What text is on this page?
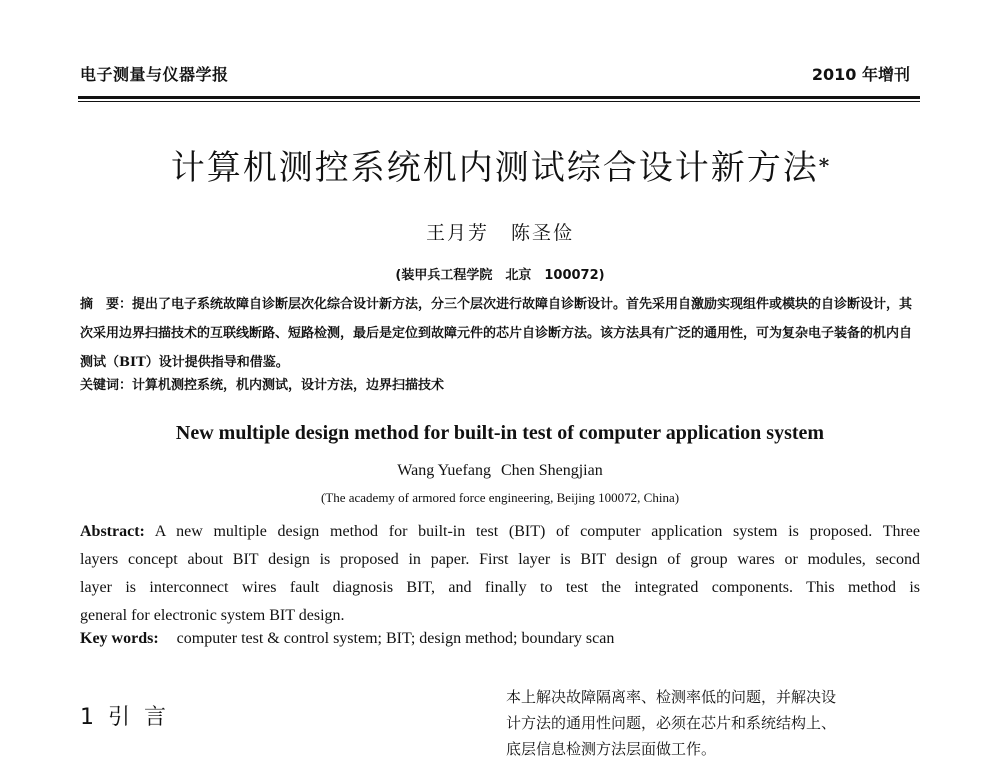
电子测量与仪器学报	2010 年增刊
计算机测控系统机内测试综合设计新方法*
王月芳 陈圣俭
(装甲兵工程学院　北京　100072)
摘　要：提出了电子系统故障自诊断层次化综合设计新方法，分三个层次进行故障自诊断设计。首先采用自激励实现组件或模块的自诊断设计，其次采用边界扫描技术的互联线断路、短路检测，最后是定位到故障元件的芯片自诊断方法。该方法具有广泛的通用性，可为复杂电子装备的机内自测试（BIT）设计提供指导和借鉴。
关键词：计算机测控系统，机内测试，设计方法，边界扫描技术
New multiple design method for built-in test of computer application system
Wang Yuefang Chen Shengjian
(The academy of armored force engineering, Beijing 100072, China)
Abstract: A new multiple design method for built-in test (BIT) of computer application system is proposed. Three
layers concept about BIT design is proposed in paper. First layer is BIT design of group wares or modules, second
layer is interconnect wires fault diagnosis BIT, and finally to test the integrated components. This method is
general for electronic system BIT design.
Key words: computer test & control system; BIT; design method; boundary scan
1 引言
本上解决故障隔离率、检测率低的问题，并解决设
计方法的通用性问题，必须在芯片和系统结构上、
底层信息检测方法层面做工作。
